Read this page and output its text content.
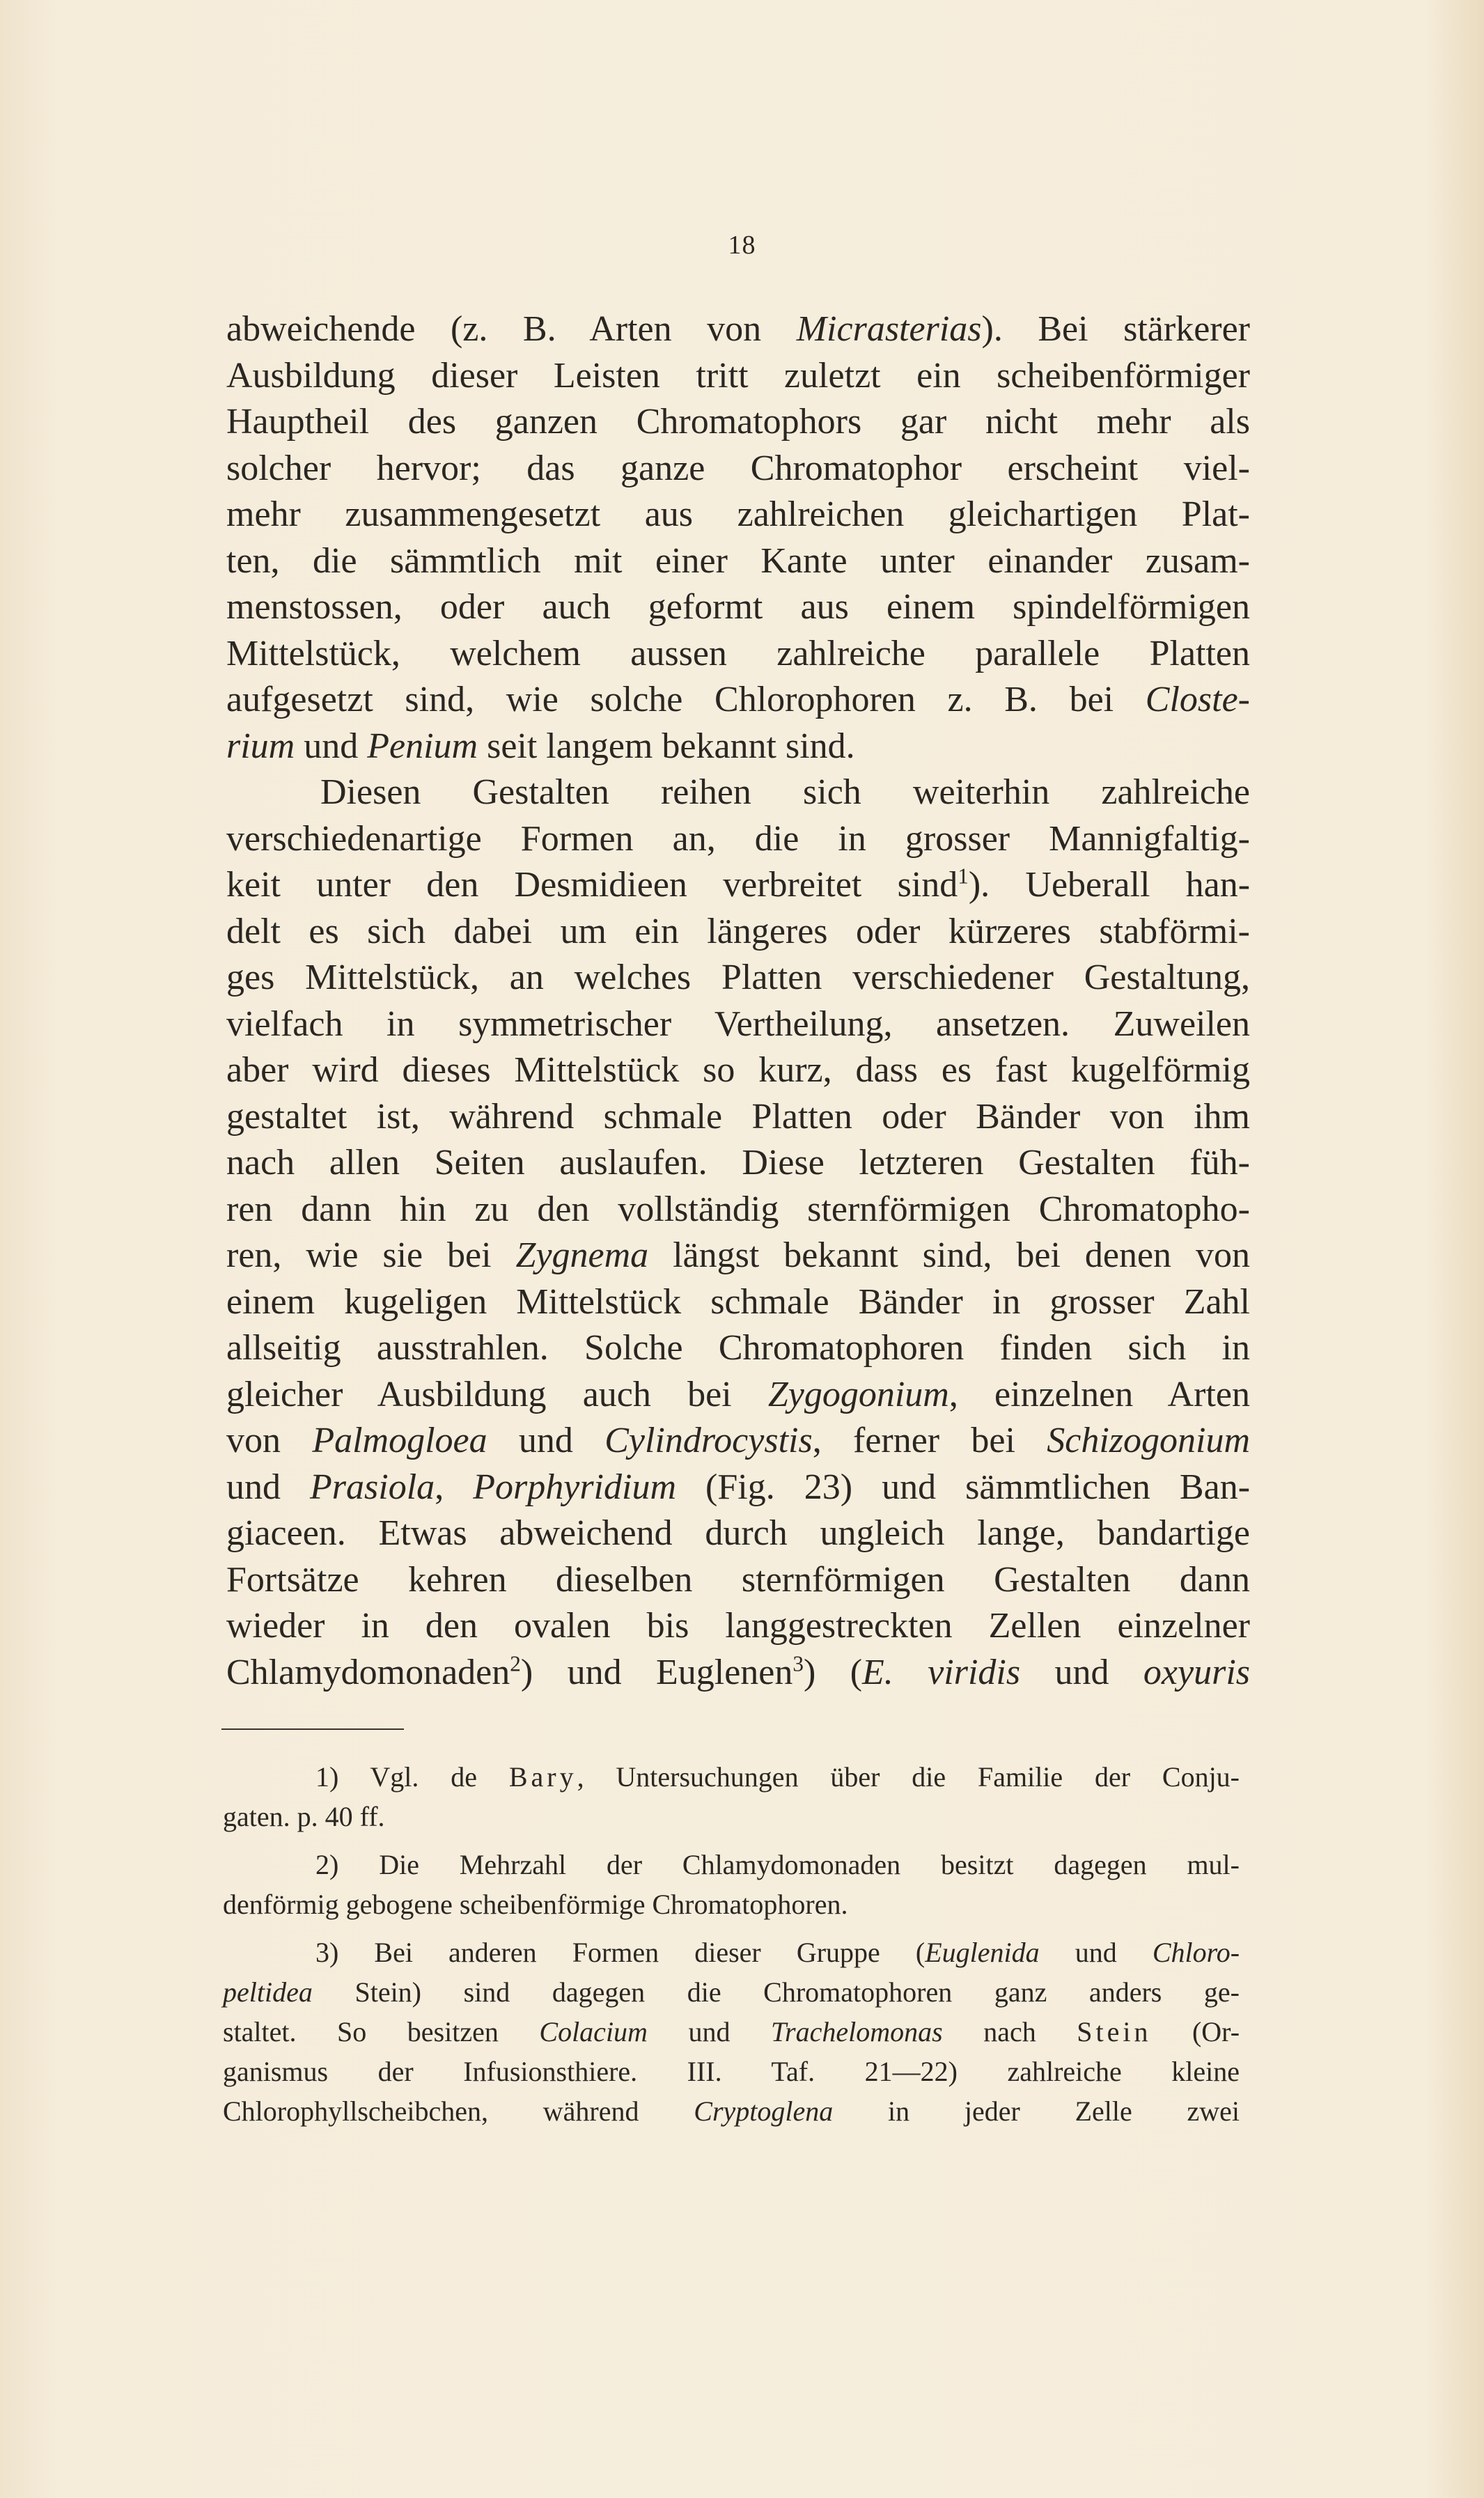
18
abweichende (z. B. Arten von Micrasterias). Bei stärkerer
Ausbildung dieser Leisten tritt zuletzt ein scheibenförmiger
Hauptheil des ganzen Chromatophors gar nicht mehr als
solcher hervor; das ganze Chromatophor erscheint viel-
mehr zusammengesetzt aus zahlreichen gleichartigen Plat-
ten, die sämmtlich mit einer Kante unter einander zusam-
menstossen, oder auch geformt aus einem spindelförmigen
Mittelstück, welchem aussen zahlreiche parallele Platten
aufgesetzt sind, wie solche Chlorophoren z. B. bei Closte-
rium und Penium seit langem bekannt sind.
Diesen Gestalten reihen sich weiterhin zahlreiche
verschiedenartige Formen an, die in grosser Mannigfaltig-
keit unter den Desmidieen verbreitet sind$^1$). Ueberall han-
delt es sich dabei um ein längeres oder kürzeres stabförmi-
ges Mittelstück, an welches Platten verschiedener Gestaltung,
vielfach in symmetrischer Vertheilung, ansetzen. Zuweilen
aber wird dieses Mittelstück so kurz, dass es fast kugelförmig
gestaltet ist, während schmale Platten oder Bänder von ihm
nach allen Seiten auslaufen. Diese letzteren Gestalten füh-
ren dann hin zu den vollständig sternförmigen Chromatopho-
ren, wie sie bei Zygnema längst bekannt sind, bei denen von
einem kugeligen Mittelstück schmale Bänder in grosser Zahl
allseitig ausstrahlen. Solche Chromatophoren finden sich in
gleicher Ausbildung auch bei Zygogonium, einzelnen Arten
von Palmogloea und Cylindrocystis, ferner bei Schizogonium
und Prasiola, Porphyridium (Fig. 23) und sämmtlichen Ban-
giaceen. Etwas abweichend durch ungleich lange, bandartige
Fortsätze kehren dieselben sternförmigen Gestalten dann
wieder in den ovalen bis langgestreckten Zellen einzelner
Chlamydomonaden$^2$) und Euglenen$^3$) (E. viridis und oxyuris
1) Vgl. de Bary, Untersuchungen über die Familie der Conju-
gaten. p. 40 ff.
2) Die Mehrzahl der Chlamydomonaden besitzt dagegen mul-
denförmig gebogene scheibenförmige Chromatophoren.
3) Bei anderen Formen dieser Gruppe (Euglenida und Chloro-
peltidea Stein) sind dagegen die Chromatophoren ganz anders ge-
staltet. So besitzen Colacium und Trachelomonas nach Stein (Or-
ganismus der Infusionsthiere. III. Taf. 21—22) zahlreiche kleine
Chlorophyllscheibchen, während Cryptoglena in jeder Zelle zwei
